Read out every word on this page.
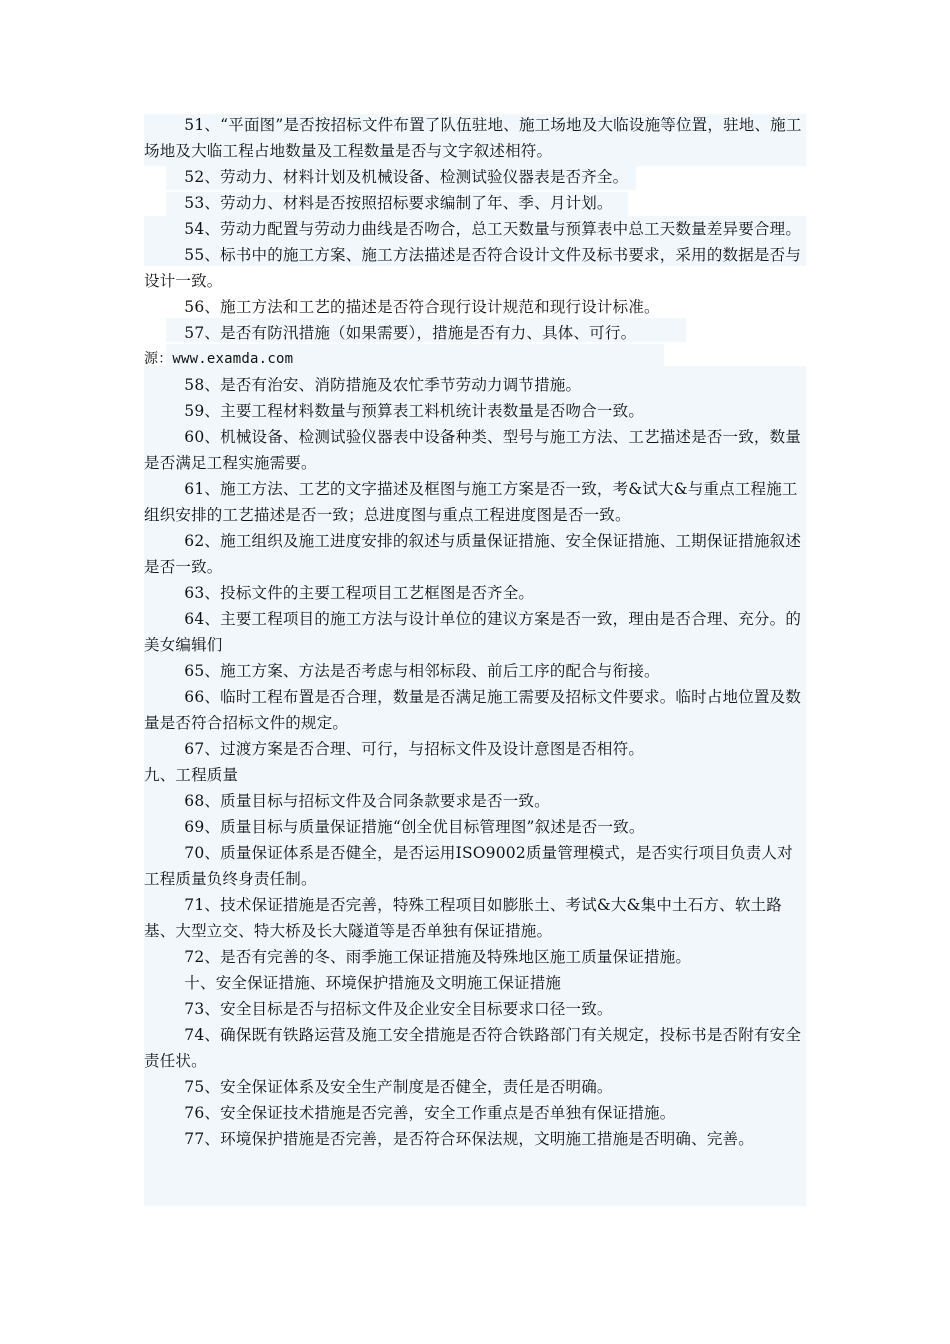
51、“平面图”是否按招标文件布置了队伍驻地、施工场地及大临设施等位置，驻地、施工场地及大临工程占地数量及工程数量是否与文字叙述相符。

52、劳动力、材料计划及机械设备、检测试验仪器表是否齐全。

53、劳动力、材料是否按照招标要求编制了年、季、月计划。

54、劳动力配置与劳动力曲线是否吻合，总工天数量与预算表中总工天数量差异要合理。

55、标书中的施工方案、施工方法描述是否符合设计文件及标书要求，采用的数据是否与设计一致。

56、施工方法和工艺的描述是否符合现行设计规范和现行设计标准。

57、是否有防汛措施（如果需要），措施是否有力、具体、可行。

源：www.examda.com

58、是否有治安、消防措施及农忙季节劳动力调节措施。

59、主要工程材料数量与预算表工料机统计表数量是否吻合一致。

60、机械设备、检测试验仪器表中设备种类、型号与施工方法、工艺描述是否一致，数量是否满足工程实施需要。

61、施工方法、工艺的文字描述及框图与施工方案是否一致，考&试大&与重点工程施工组织安排的工艺描述是否一致；总进度图与重点工程进度图是否一致。

62、施工组织及施工进度安排的叙述与质量保证措施、安全保证措施、工期保证措施叙述是否一致。

63、投标文件的主要工程项目工艺框图是否齐全。

64、主要工程项目的施工方法与设计单位的建议方案是否一致，理由是否合理、充分。的美女编辑们

65、施工方案、方法是否考虑与相邻标段、前后工序的配合与衔接。

66、临时工程布置是否合理，数量是否满足施工需要及招标文件要求。临时占地位置及数量是否符合招标文件的规定。

67、过渡方案是否合理、可行，与招标文件及设计意图是否相符。

九、工程质量

68、质量目标与招标文件及合同条款要求是否一致。

69、质量目标与质量保证措施“创全优目标管理图”叙述是否一致。

70、质量保证体系是否健全，是否运用ISO9002质量管理模式，是否实行项目负责人对工程质量负终身责任制。

71、技术保证措施是否完善，特殊工程项目如膨胀土、考试&大&集中土石方、软土路基、大型立交、特大桥及长大隧道等是否单独有保证措施。

72、是否有完善的冬、雨季施工保证措施及特殊地区施工质量保证措施。

十、安全保证措施、环境保护措施及文明施工保证措施

73、安全目标是否与招标文件及企业安全目标要求口径一致。

74、确保既有铁路运营及施工安全措施是否符合铁路部门有关规定，投标书是否附有安全责任状。

75、安全保证体系及安全生产制度是否健全，责任是否明确。

76、安全保证技术措施是否完善，安全工作重点是否单独有保证措施。

77、环境保护措施是否完善，是否符合环保法规，文明施工措施是否明确、完善。
